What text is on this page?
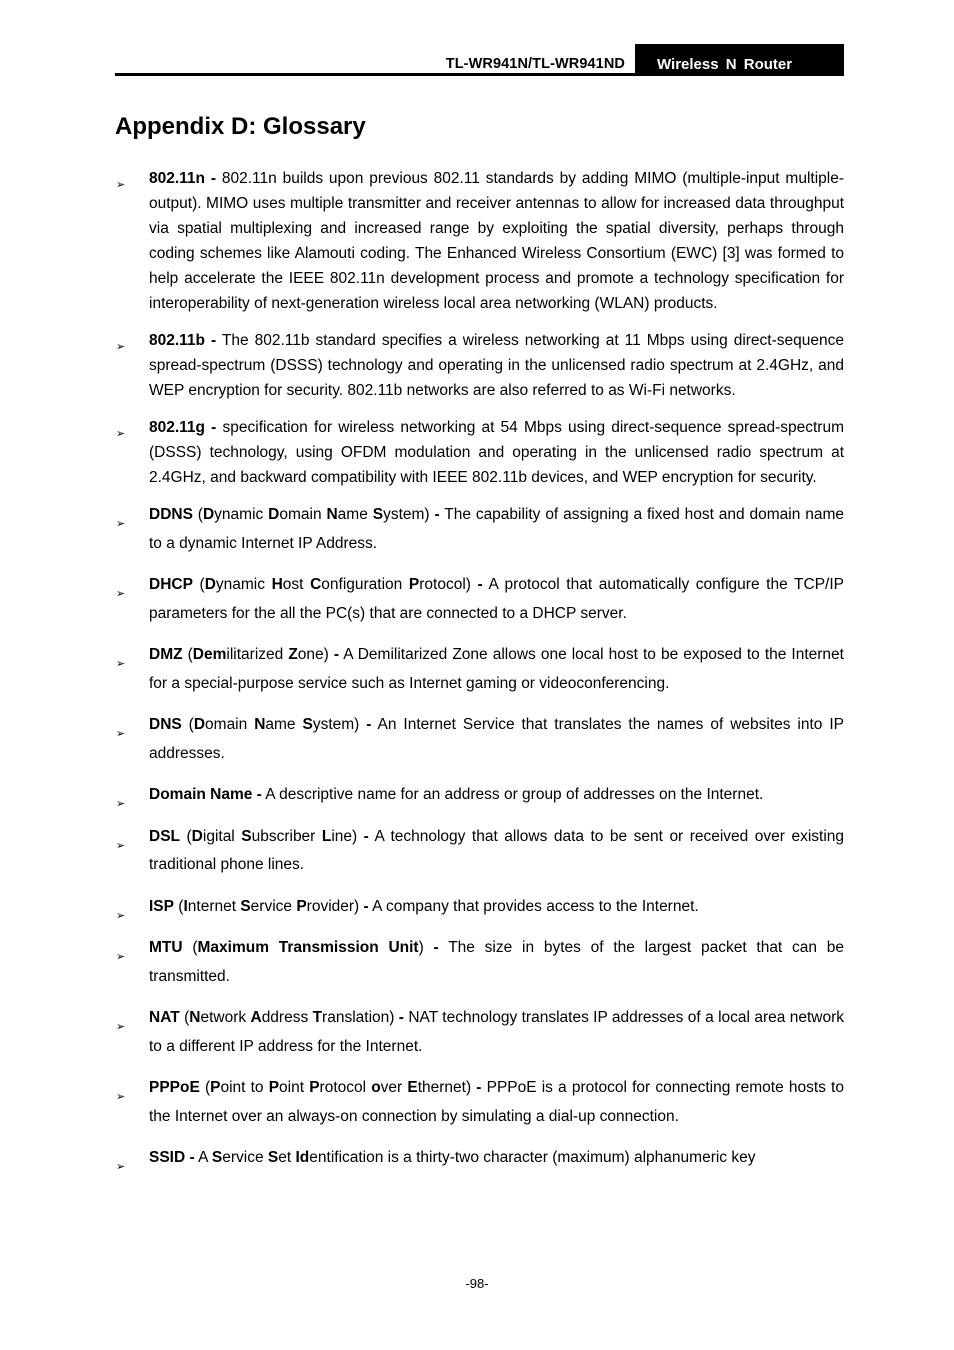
TL-WR941N/TL-WR941ND	Wireless N Router
Appendix D: Glossary
➢ 802.11n - 802.11n builds upon previous 802.11 standards by adding MIMO (multiple-input multiple-output). MIMO uses multiple transmitter and receiver antennas to allow for increased data throughput via spatial multiplexing and increased range by exploiting the spatial diversity, perhaps through coding schemes like Alamouti coding. The Enhanced Wireless Consortium (EWC) [3] was formed to help accelerate the IEEE 802.11n development process and promote a technology specification for interoperability of next-generation wireless local area networking (WLAN) products.
➢ 802.11b - The 802.11b standard specifies a wireless networking at 11 Mbps using direct-sequence spread-spectrum (DSSS) technology and operating in the unlicensed radio spectrum at 2.4GHz, and WEP encryption for security. 802.11b networks are also referred to as Wi-Fi networks.
➢ 802.11g - specification for wireless networking at 54 Mbps using direct-sequence spread-spectrum (DSSS) technology, using OFDM modulation and operating in the unlicensed radio spectrum at 2.4GHz, and backward compatibility with IEEE 802.11b devices, and WEP encryption for security.
➢
DDNS (Dynamic Domain Name System) - The capability of assigning a fixed host and domain name to a dynamic Internet IP Address.
➢
DHCP (Dynamic Host Configuration Protocol) - A protocol that automatically configure the TCP/IP parameters for the all the PC(s) that are connected to a DHCP server.
➢
DMZ (Demilitarized Zone) - A Demilitarized Zone allows one local host to be exposed to the Internet for a special-purpose service such as Internet gaming or videoconferencing.
➢
DNS (Domain Name System) - An Internet Service that translates the names of websites into IP addresses.
➢
Domain Name - A descriptive name for an address or group of addresses on the Internet.
➢
DSL (Digital Subscriber Line) - A technology that allows data to be sent or received over existing traditional phone lines.
➢
ISP (Internet Service Provider) - A company that provides access to the Internet.
➢
MTU (Maximum Transmission Unit) - The size in bytes of the largest packet that can be transmitted.
➢
NAT (Network Address Translation) - NAT technology translates IP addresses of a local area network to a different IP address for the Internet.
➢
PPPoE (Point to Point Protocol over Ethernet) - PPPoE is a protocol for connecting remote hosts to the Internet over an always-on connection by simulating a dial-up connection.
➢
SSID - A Service Set Identification is a thirty-two character (maximum) alphanumeric key
-98-
